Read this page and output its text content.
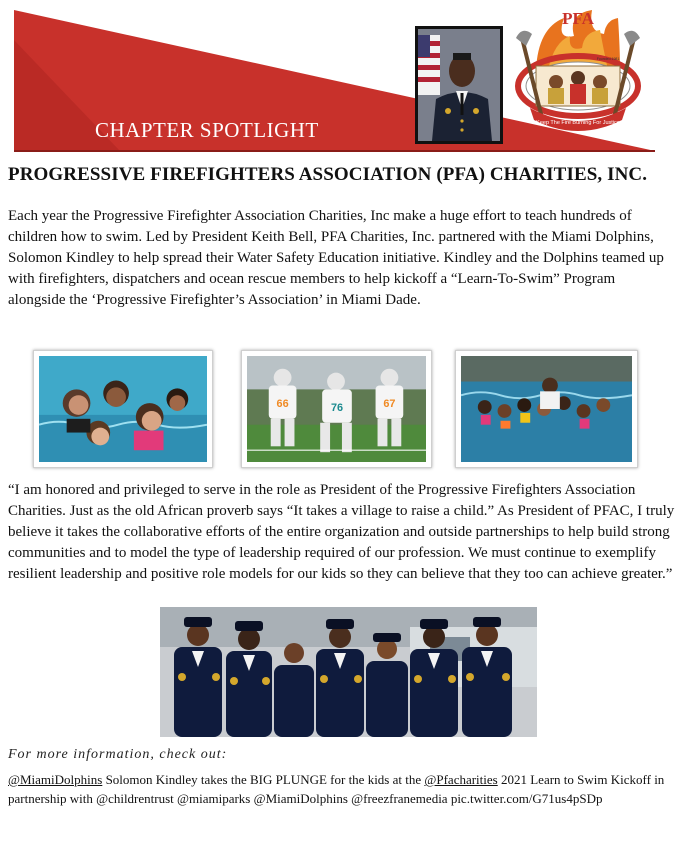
CHAPTER SPOTLIGHT
PFA
Keep The Fire Burning For Justice
Founded 1981
PROGRESSIVE FIREFIGHTERS ASSOCIATION (PFA) CHARITIES, INC.

Each year the Progressive Firefighter Association Charities, Inc make a huge effort to teach hundreds of children how to swim. Led by President Keith Bell, PFA Charities, Inc. partnered with the Miami Dolphins, Solomon Kindley to help spread their Water Safety Education initiative. Kindley and the Dolphins teamed up with firefighters, dispatchers and ocean rescue members to help kickoff a “Learn-To-Swim” Program alongside the ‘Progressive Firefighter’s Association’ in Miami Dade.

66	76	67

“I am honored and privileged to serve in the role as President of the Progressive Firefighters Association Charities. Just as the old African proverb says “It takes a village to raise a child.” As President of PFAC, I truly believe it takes the collaborative efforts of the entire organization and outside partnerships to help build strong communities and to model the type of leadership required of our profession. We must continue to exemplify resilient leadership and positive role models for our kids so they can believe that they too can achieve greater.”

For more information, check out:
@MiamiDolphins Solomon Kindley takes the BIG PLUNGE for the kids at the @Pfacharities 2021 Learn to Swim Kickoff in partnership with @childrentrust @miamiparks @MiamiDolphins @freezfranemedia pic.twitter.com/G71us4pSDp
